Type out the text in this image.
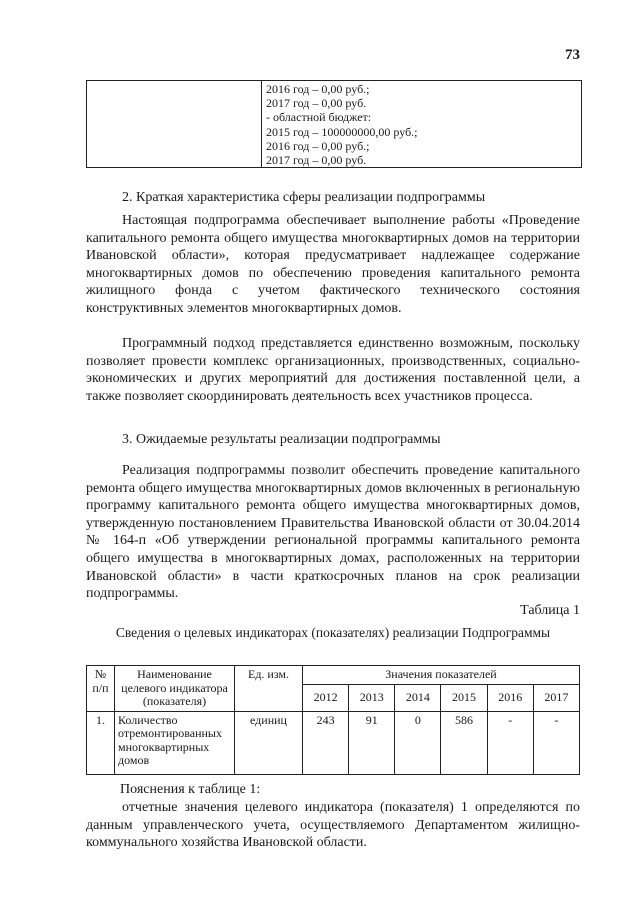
73
2016 год – 0,00 руб.;
2017 год – 0,00 руб.
- областной бюджет:
2015 год – 100000000,00 руб.;
2016 год – 0,00 руб.;
2017 год – 0,00 руб.
2. Краткая характеристика сферы реализации подпрограммы

Настоящая подпрограмма обеспечивает выполнение работы «Проведение капитального ремонта общего имущества многоквартирных домов на территории Ивановской области», которая предусматривает надлежащее содержание многоквартирных домов по обеспечению проведения капитального ремонта жилищного фонда с учетом фактического технического состояния конструктивных элементов многоквартирных домов.

Программный подход представляется единственно возможным, поскольку позволяет провести комплекс организационных, производственных, социально-экономических и других мероприятий для достижения поставленной цели, а также позволяет скоординировать деятельность всех участников процесса.

3. Ожидаемые результаты реализации подпрограммы

Реализация подпрограммы позволит обеспечить проведение капитального ремонта общего имущества многоквартирных домов включенных в региональную программу капитального ремонта общего имущества многоквартирных домов, утвержденную постановлением Правительства Ивановской области от 30.04.2014 № 164-п «Об утверждении региональной программы капитального ремонта общего имущества в многоквартирных домах, расположенных на территории Ивановской области» в части краткосрочных планов на срок реализации подпрограммы.

Таблица 1
Сведения о целевых индикаторах (показателях) реализации Подпрограммы
№ п/п	Наименование целевого индикатора (показателя)	Ед. изм.	Значения показателей					
			2012	2013	2014	2015	2016	2017
1.	Количество отремонтированных многоквартирных домов	единиц	243	91	0	586	-	-
Пояснения к таблице 1:

отчетные значения целевого индикатора (показателя) 1 определяются по данным управленческого учета, осуществляемого Департаментом жилищно-коммунального хозяйства Ивановской области.
